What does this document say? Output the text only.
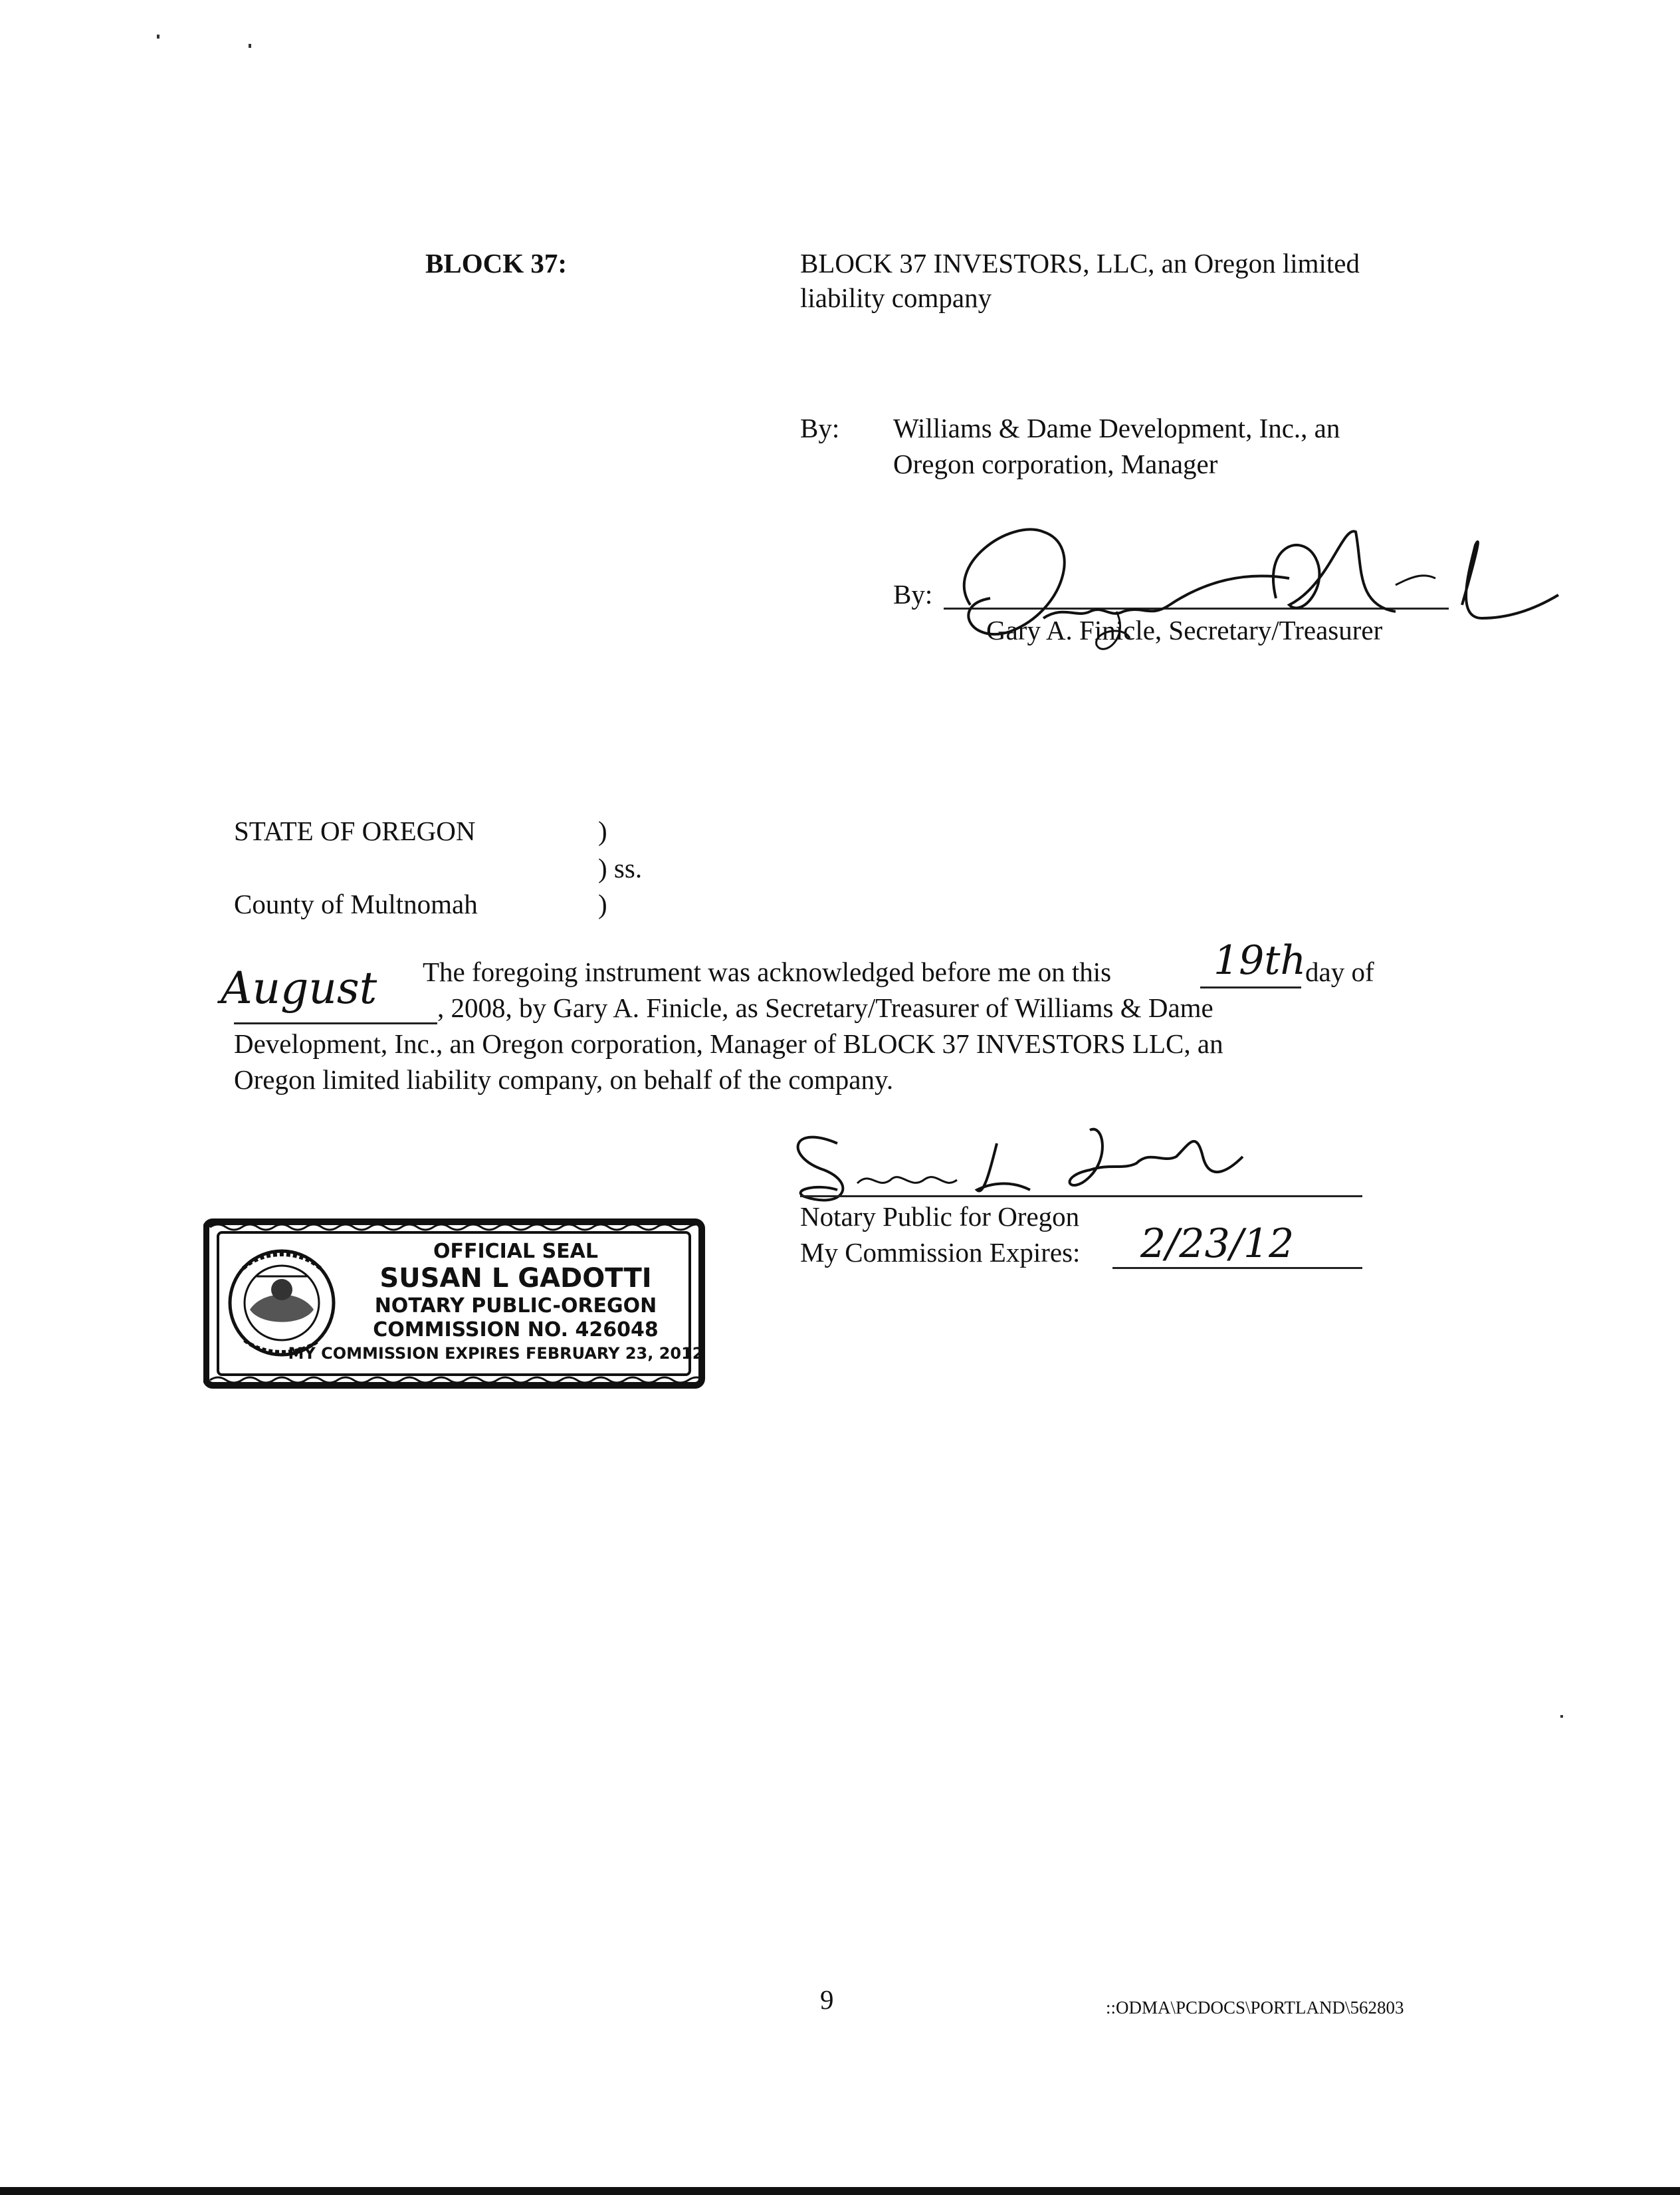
BLOCK 37:	BLOCK 37 INVESTORS, LLC, an Oregon limited
liability company
By: Williams & Dame Development, Inc., an
Oregon corporation, Manager
By:
Gary A. Finicle, Secretary/Treasurer
STATE OF OREGON	)
) ss.
County of Multnomah	)
The foregoing instrument was acknowledged before me on this	19th
day of
August , 2008, by Gary A. Finicle, as Secretary/Treasurer of Williams & Dame
Development, Inc., an Oregon corporation, Manager of BLOCK 37 INVESTORS LLC, an
Oregon limited liability company, on behalf of the company.
Notary Public for Oregon
My Commission Expires: 2/23/12
OFFICIAL SEAL
SUSAN L GADOTTI
NOTARY PUBLIC-OREGON
COMMISSION NO. 426048
MY COMMISSION EXPIRES FEBRUARY 23, 2012
9	::ODMA\PCDOCS\PORTLAND\562803
